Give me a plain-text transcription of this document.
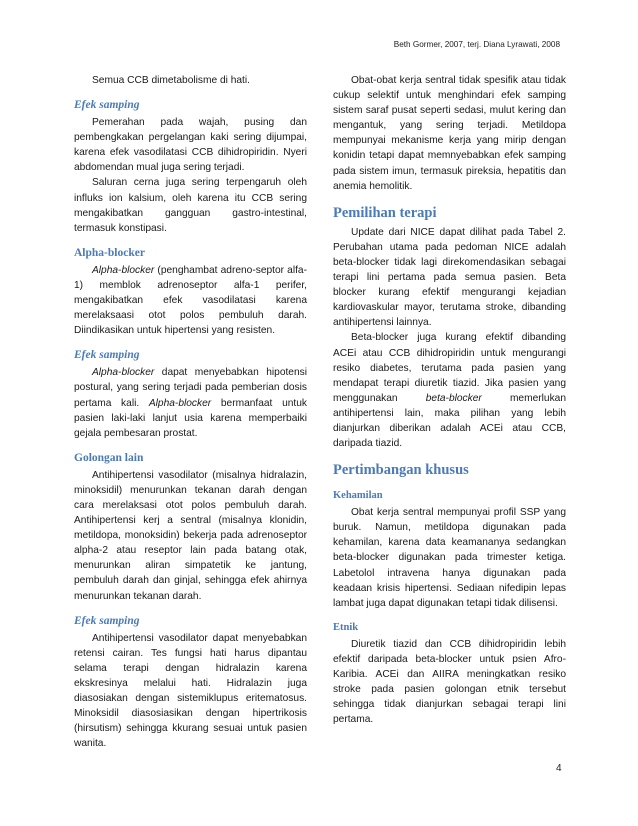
Beth Gormer, 2007, terj. Diana Lyrawati, 2008

Semua CCB dimetabolisme di hati.

Efek samping

Pemerahan pada wajah, pusing dan pembengkakan pergelangan kaki sering dijumpai, karena efek vasodilatasi CCB dihidropiridin. Nyeri abdomendan mual juga sering terjadi.

Saluran cerna juga sering terpengaruh oleh influks ion kalsium, oleh karena itu CCB sering mengakibatkan gangguan gastro-intestinal, termasuk konstipasi.

Alpha-blocker

Alpha-blocker (penghambat adreno-septor alfa-1) memblok adrenoseptor alfa-1 perifer, mengakibatkan efek vasodilatasi karena merelaksaasi otot polos pembuluh darah. Diindikasikan untuk hipertensi yang resisten.

Efek samping

Alpha-blocker dapat menyebabkan hipotensi postural, yang sering terjadi pada pemberian dosis pertama kali. Alpha-blocker bermanfaat untuk pasien laki-laki lanjut usia karena memperbaiki gejala pembesaran prostat.

Golongan lain

Antihipertensi vasodilator (misalnya hidralazin, minoksidil) menurunkan tekanan darah dengan cara merelaksasi otot polos pembuluh darah. Antihipertensi kerj a sentral (misalnya klonidin, metildopa, monoksidin) bekerja pada adrenoseptor alpha-2 atau reseptor lain pada batang otak, menurunkan aliran simpatetik ke jantung, pembuluh darah dan ginjal, sehingga efek ahirnya menurunkan tekanan darah.

Efek samping

Antihipertensi vasodilator dapat menyebabkan retensi cairan. Tes fungsi hati harus dipantau selama terapi dengan hidralazin karena ekskresinya melalui hati. Hidralazin juga diasosiakan dengan sistemiklupus eritematosus. Minoksidil diasosiasikan dengan hipertrikosis (hirsutism) sehingga kkurang sesuai untuk pasien wanita.

Obat-obat kerja sentral tidak spesifik atau tidak cukup selektif untuk menghindari efek samping sistem saraf pusat seperti sedasi, mulut kering dan mengantuk, yang sering terjadi. Metildopa mempunyai mekanisme kerja yang mirip dengan konidin tetapi dapat memnyebabkan efek samping pada sistem imun, termasuk pireksia, hepatitis dan anemia hemolitik.

Pemilihan terapi

Update dari NICE dapat dilihat pada Tabel 2. Perubahan utama pada pedoman NICE adalah beta-blocker tidak lagi direkomendasikan sebagai terapi lini pertama pada semua pasien. Beta blocker kurang efektif mengurangi kejadian kardiovaskular mayor, terutama stroke, dibanding antihipertensi lainnya.

Beta-blocker juga kurang efektif dibanding ACEi atau CCB dihidropiridin untuk mengurangi resiko diabetes, terutama pada pasien yang mendapat terapi diuretik tiazid. Jika pasien yang menggunakan beta-blocker memerlukan antihipertensi lain, maka pilihan yang lebih dianjurkan diberikan adalah ACEi atau CCB, daripada tiazid.

Pertimbangan khusus
Kehamilan

Obat kerja sentral mempunyai profil SSP yang buruk. Namun, metildopa digunakan pada kehamilan, karena data keamananya sedangkan beta-blocker digunakan pada trimester ketiga. Labetolol intravena hanya digunakan pada keadaan krisis hipertensi. Sediaan nifedipin lepas lambat juga dapat digunakan tetapi tidak dilisensi.

Etnik

Diuretik tiazid dan CCB dihidropiridin lebih efektif daripada beta-blocker untuk psien Afro-Karibia. ACEi dan AIIRA meningkatkan resiko stroke pada pasien golongan etnik tersebut sehingga tidak dianjurkan sebagai terapi lini pertama.

4
